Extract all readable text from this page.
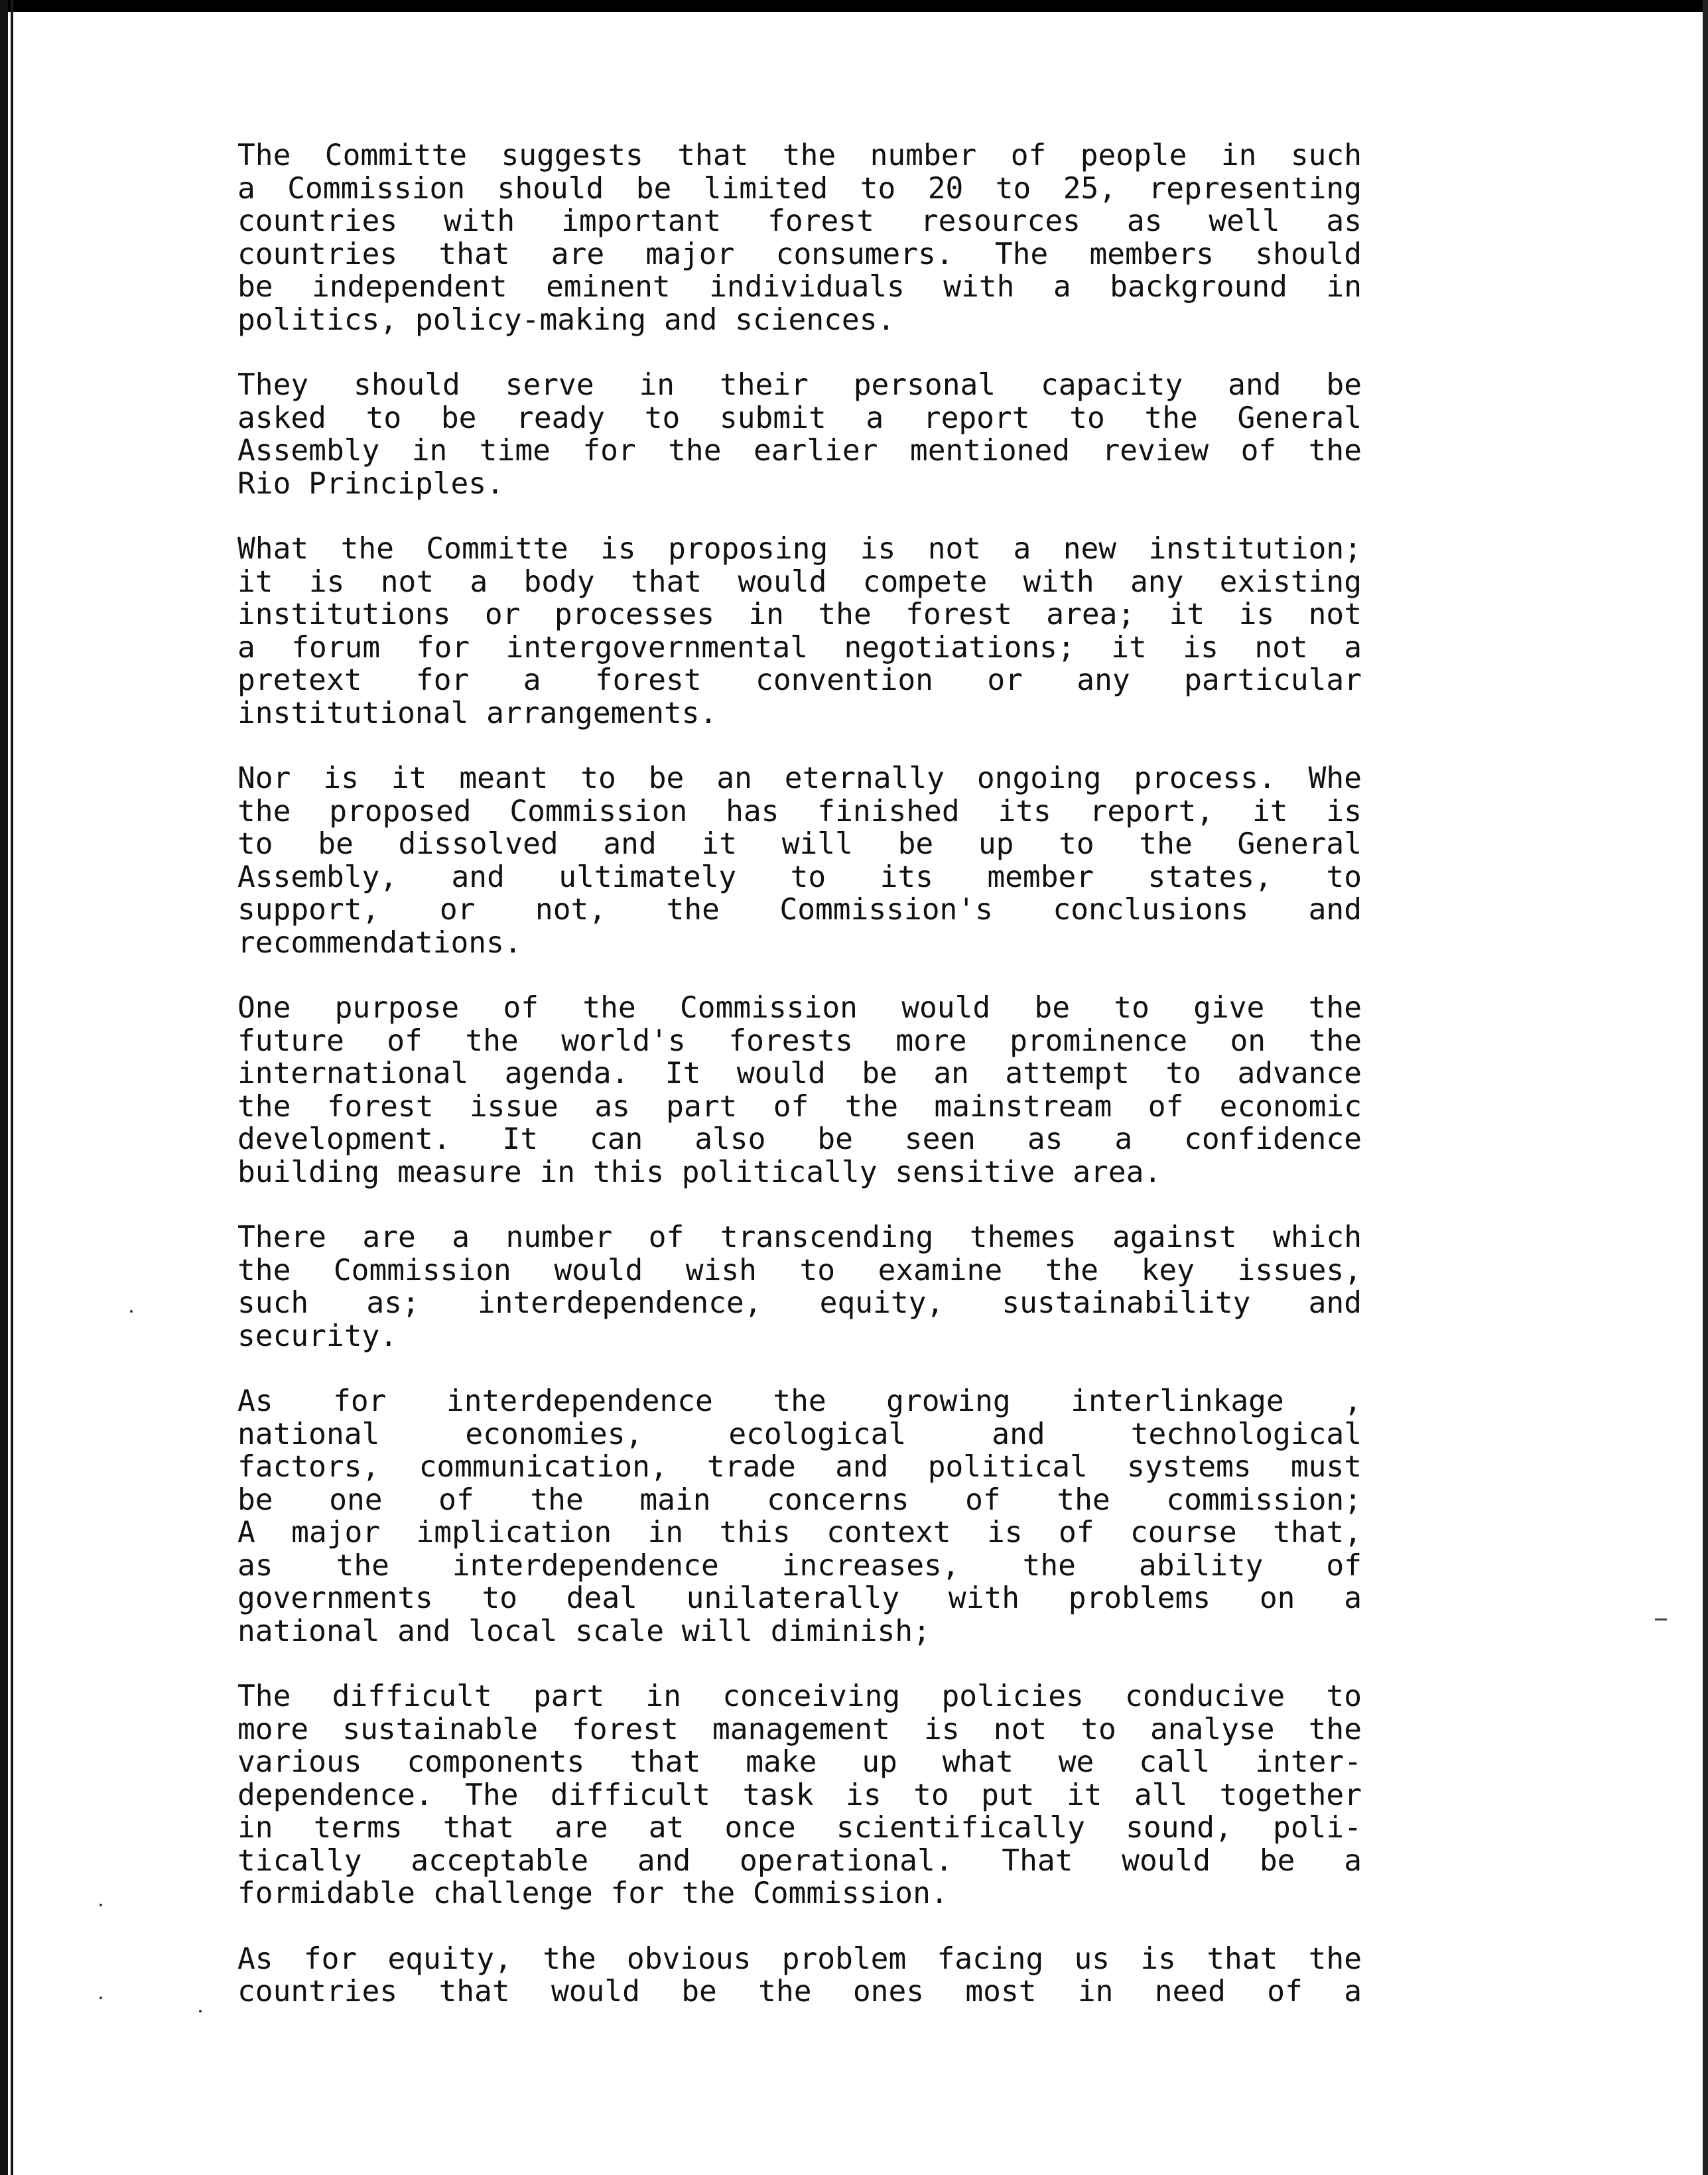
The Committe suggests that the number of people in such
a Commission should be limited to 20 to 25, representing
countries with important forest resources as well as
countries that are major consumers. The members should
be independent eminent individuals with a background in
politics, policy-making and sciences.
They should serve in their personal capacity and be
asked to be ready to submit a report to the General
Assembly in time for the earlier mentioned review of the
Rio Principles.
What the Committe is proposing is not a new institution;
it is not a body that would compete with any existing
institutions or processes in the forest area; it is not
a forum for intergovernmental negotiations; it is not a
pretext for a forest convention or any particular
institutional arrangements.
Nor is it meant to be an eternally ongoing process. Whe
the proposed Commission has finished its report, it is
to be dissolved and it will be up to the General
Assembly, and ultimately to its member states, to
support, or not, the Commission's conclusions and
recommendations.
One purpose of the Commission would be to give the
future of the world's forests more prominence on the
international agenda. It would be an attempt to advance
the forest issue as part of the mainstream of economic
development. It can also be seen as a confidence
building measure in this politically sensitive area.
There are a number of transcending themes against which
the Commission would wish to examine the key issues,
such as; interdependence, equity, sustainability and
security.
As for interdependence the growing interlinkage ,
national economies, ecological and technological
factors, communication, trade and political systems must
be one of the main concerns of the commission;
A major implication in this context is of course that,
as the interdependence increases, the ability of
governments to deal unilaterally with problems on a
national and local scale will diminish;
The difficult part in conceiving policies conducive to
more sustainable forest management is not to analyse the
various components that make up what we call inter-
dependence. The difficult task is to put it all together
in terms that are at once scientifically sound, poli-
tically acceptable and operational. That would be a
formidable challenge for the Commission.
As for equity, the obvious problem facing us is that the
countries that would be the ones most in need of a
